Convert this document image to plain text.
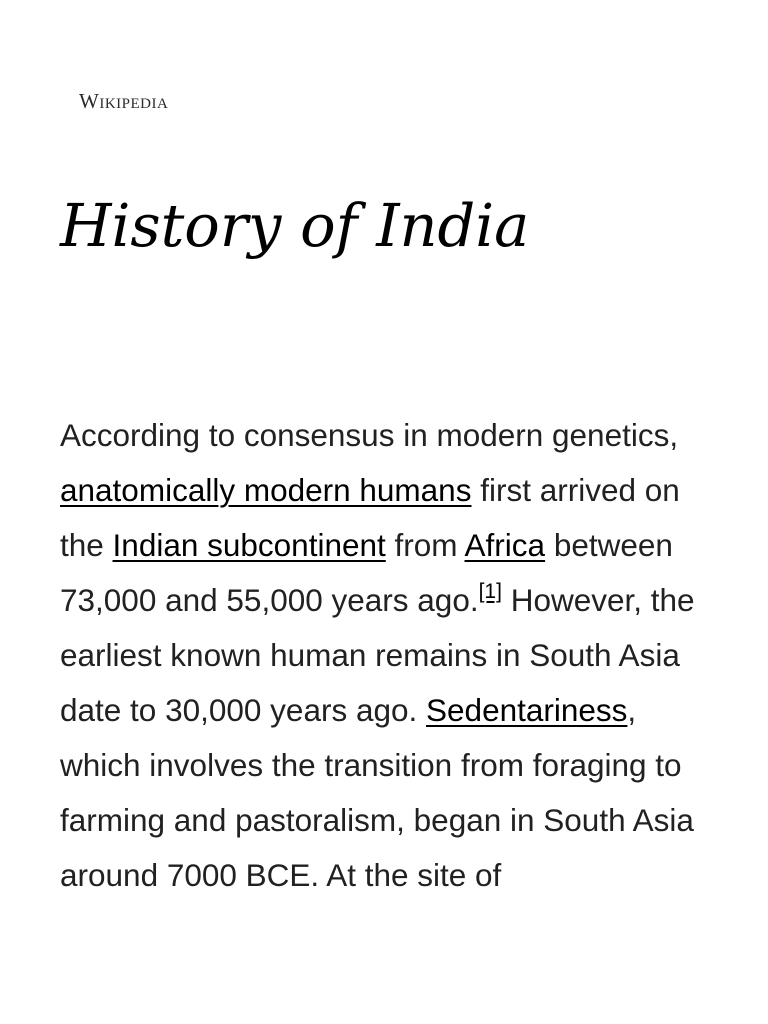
Wikipedia
History of India

According to consensus in modern genetics, anatomically modern humans first arrived on the Indian subcontinent from Africa between 73,000 and 55,000 years ago.[1] However, the earliest known human remains in South Asia date to 30,000 years ago. Sedentariness, which involves the transition from foraging to farming and pastoralism, began in South Asia around 7000 BCE. At the site of
